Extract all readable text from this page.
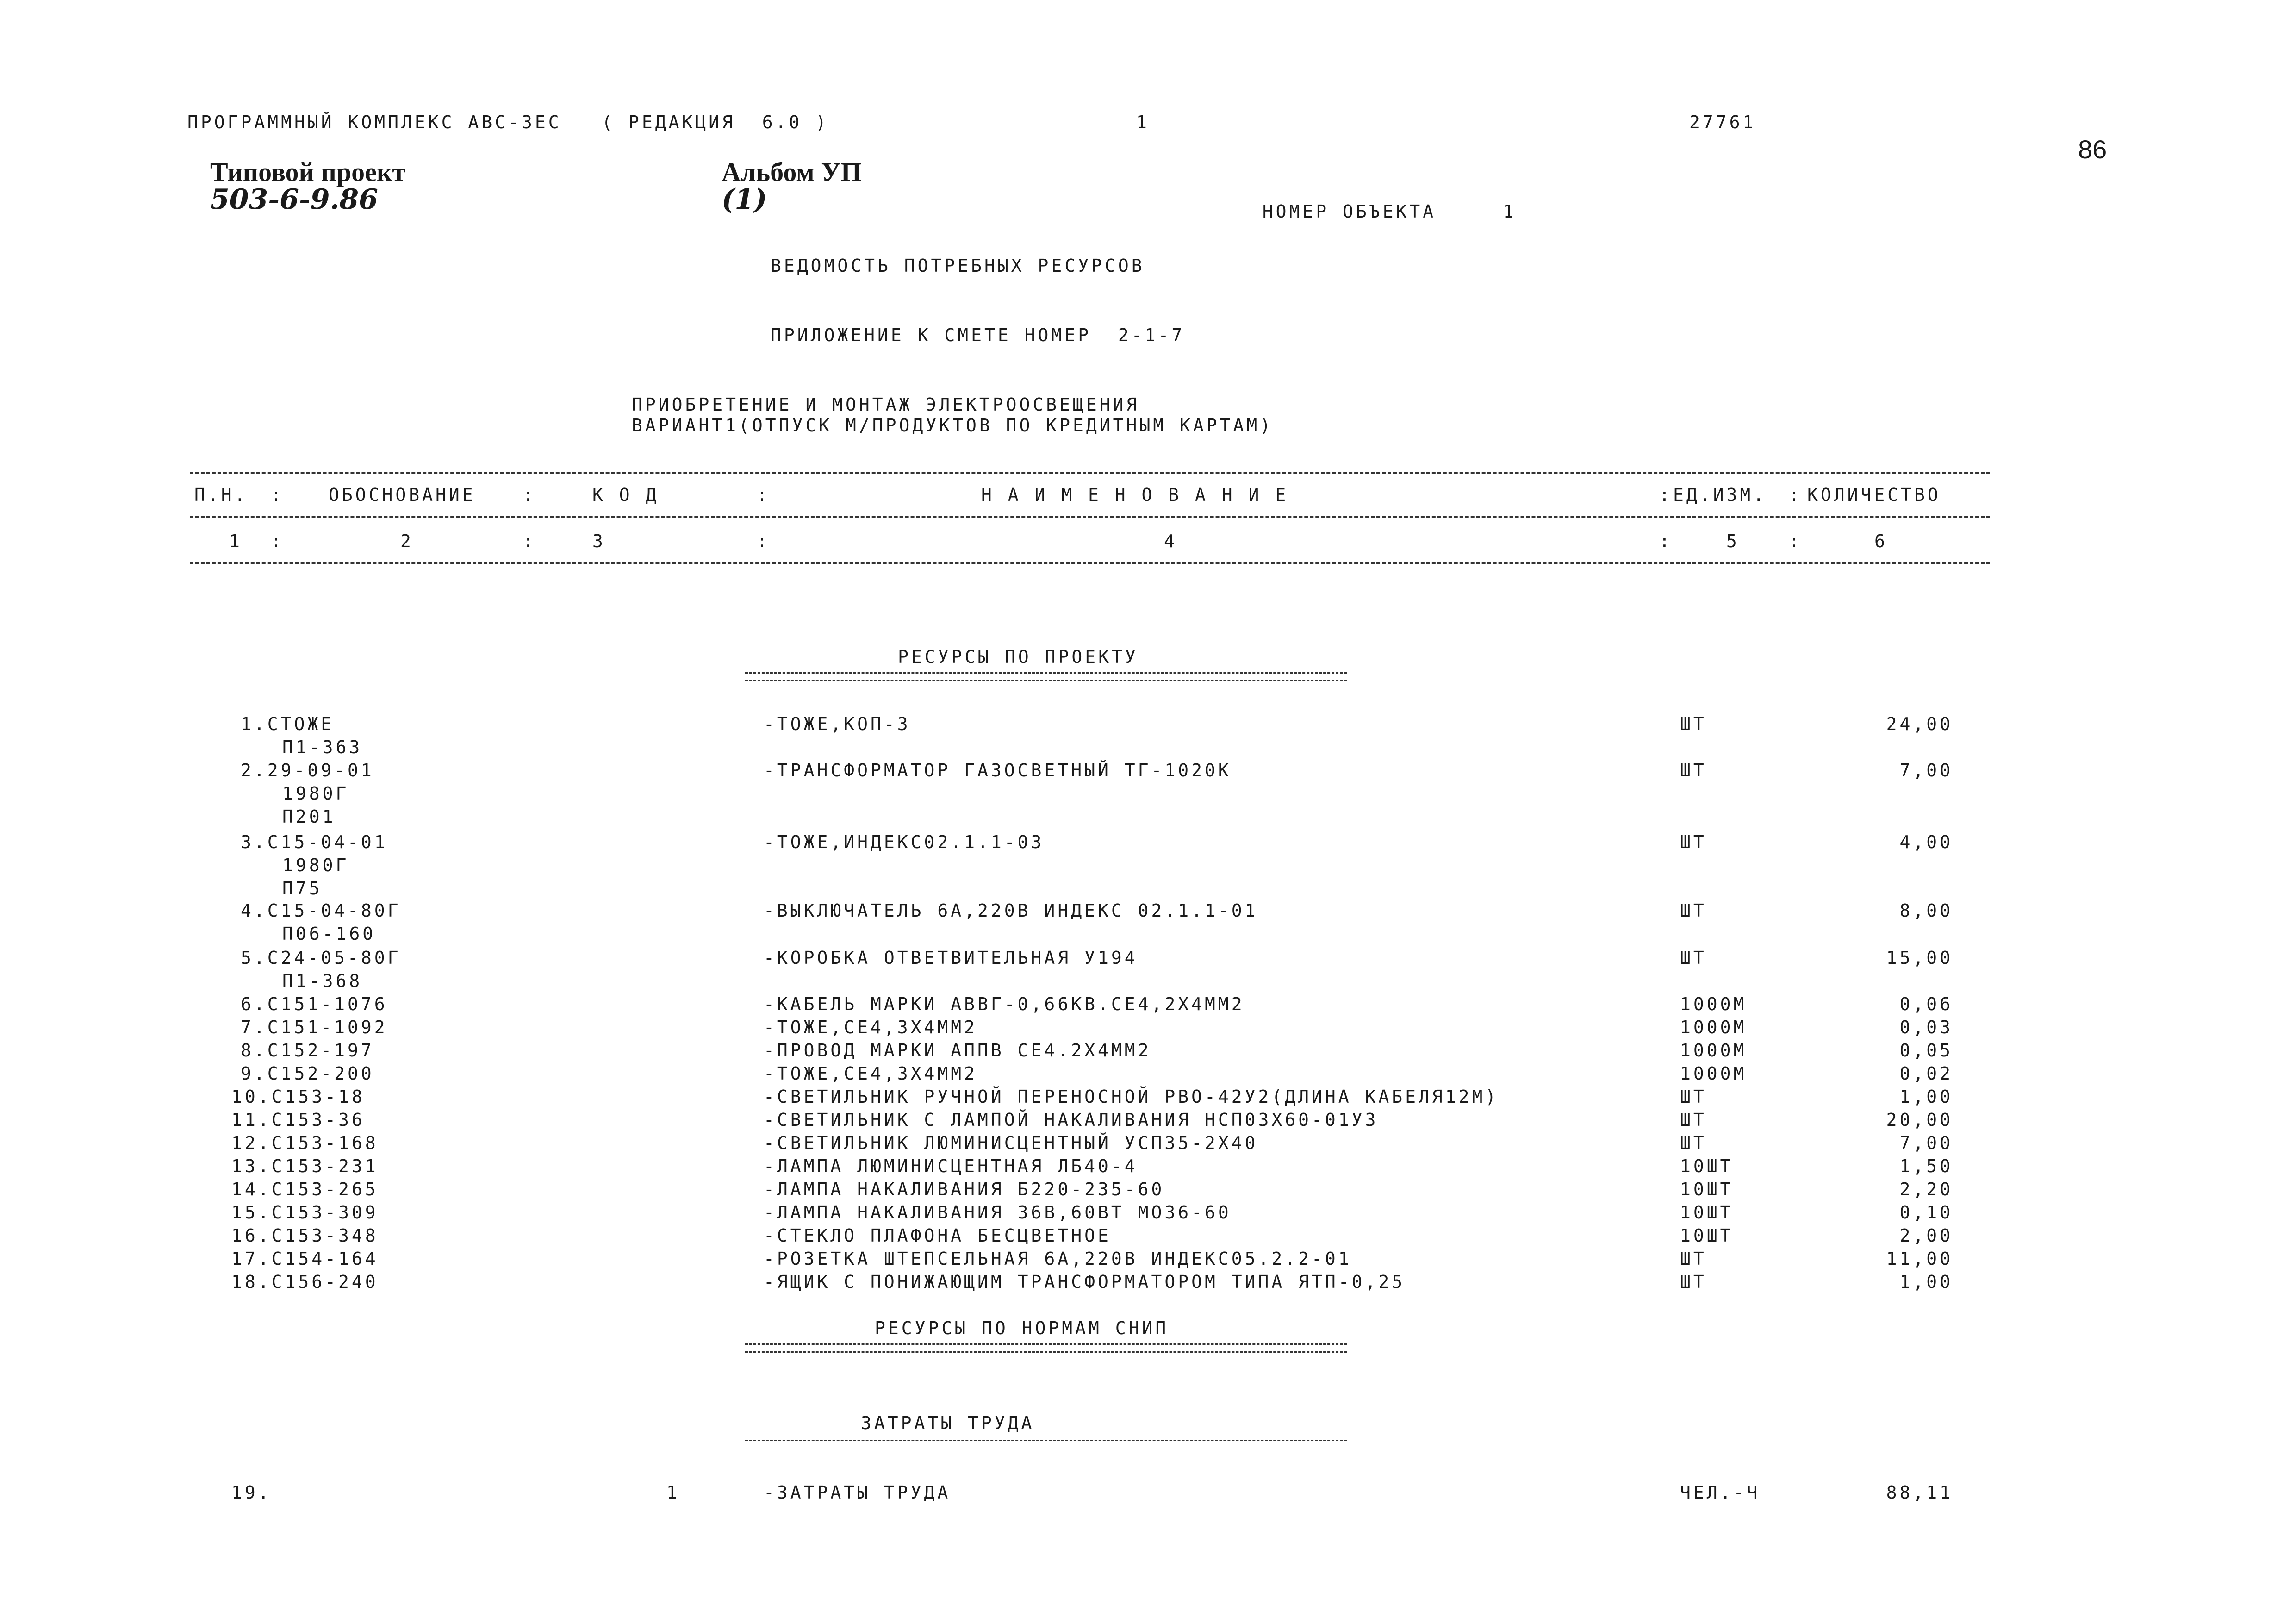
ПРОГРАММНЫЙ КОМПЛЕКС АВС-3ЕС   ( РЕДАКЦИЯ  6.0 )	1	27761

Типовой проект
503-6-9.86

Альбом УП
(1)

86

НОМЕР ОБЪЕКТА	1

ВЕДОМОСТЬ ПОТРЕБНЫХ РЕСУРСОВ
ПРИЛОЖЕНИЕ К СМЕТЕ НОМЕР  2-1-7
ПРИОБРЕТЕНИЕ И МОНТАЖ ЭЛЕКТРООСВЕЩЕНИЯ
ВАРИАНТ1(ОТПУСК М/ПРОДУКТОВ ПО КРЕДИТНЫМ КАРТАМ)
П.Н. :	ОБОСНОВАНИЕ	:	К О Д	:	Н А И М Е Н О В А Н И Е	: ЕД.ИЗМ. : КОЛИЧЕСТВО
1 :	2	:	3	:	4	:	5	:	6
РЕСУРСЫ ПО ПРОЕКТУ
1.СТОЖЕ	-ТОЖЕ,КОП-3	ШТ	24,00
П1-363
2.29-09-01	-ТРАНСФОРМАТОР ГАЗОСВЕТНЫЙ ТГ-1020К	ШТ	7,00
1980Г
П201
3.С15-04-01	-ТОЖЕ,ИНДЕКС02.1.1-03	ШТ	4,00
1980Г
П75
4.С15-04-80Г	-ВЫКЛЮЧАТЕЛЬ 6А,220В ИНДЕКС 02.1.1-01	ШТ	8,00
П06-160
5.С24-05-80Г	-КОРОБКА ОТВЕТВИТЕЛЬНАЯ У194	ШТ	15,00
П1-368
6.С151-1076	-КАБЕЛЬ МАРКИ АВВГ-0,66КВ.СЕ4,2Х4ММ2	1000М	0,06
7.С151-1092	-ТОЖЕ,СЕ4,3Х4ММ2	1000М	0,03
8.С152-197	-ПРОВОД МАРКИ АППВ СЕ4.2Х4ММ2	1000М	0,05
9.С152-200	-ТОЖЕ,СЕ4,3Х4ММ2	1000М	0,02
10.С153-18	-СВЕТИЛЬНИК РУЧНОЙ ПЕРЕНОСНОЙ РВО-42У2(ДЛИНА КАБЕЛЯ12М)	ШТ	1,00
11.С153-36	-СВЕТИЛЬНИК С ЛАМПОЙ НАКАЛИВАНИЯ НСП03Х60-01У3	ШТ	20,00
12.С153-168	-СВЕТИЛЬНИК ЛЮМИНИСЦЕНТНЫЙ УСП35-2Х40	ШТ	7,00
13.С153-231	-ЛАМПА ЛЮМИНИСЦЕНТНАЯ ЛБ40-4	10ШТ	1,50
14.С153-265	-ЛАМПА НАКАЛИВАНИЯ Б220-235-60	10ШТ	2,20
15.С153-309	-ЛАМПА НАКАЛИВАНИЯ 36В,60ВТ МО36-60	10ШТ	0,10
16.С153-348	-СТЕКЛО ПЛАФОНА БЕСЦВЕТНОЕ	10ШТ	2,00
17.С154-164	-РОЗЕТКА ШТЕПСЕЛЬНАЯ 6А,220В ИНДЕКС05.2.2-01	ШТ	11,00
18.С156-240	-ЯЩИК С ПОНИЖАЮЩИМ ТРАНСФОРМАТОРОМ ТИПА ЯТП-0,25	ШТ	1,00
РЕСУРСЫ ПО НОРМАМ СНИП
ЗАТРАТЫ ТРУДА
19.	1	-ЗАТРАТЫ ТРУДА	ЧЕЛ.-Ч	88,11
